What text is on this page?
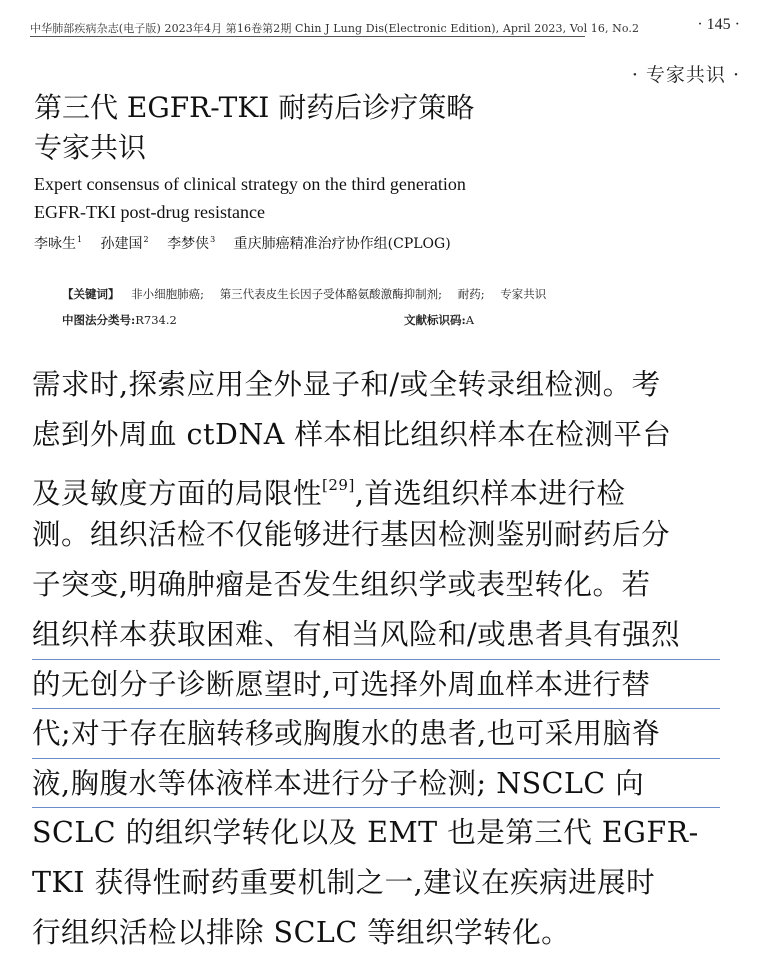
中华肺部疾病杂志(电子版) 2023年4月 第16卷第2期 Chin J Lung Dis(Electronic Edition), April 2023, Vol 16, No.2	· 145 ·
· 专家共识 ·
第三代 EGFR-TKI 耐药后诊疗策略
专家共识
Expert consensus of clinical strategy on the third generation
EGFR-TKI post-drug resistance
李咏生$^1$ 孙建国$^2$ 李梦侠$^3$ 重庆肺癌精准治疗协作组(CPLOG)
【关键词】 非小细胞肺癌; 第三代表皮生长因子受体酪氨酸激酶抑制剂; 耐药; 专家共识
中图法分类号:R734.2	文献标识码:A
需求时,探索应用全外显子和/或全转录组检测。考
虑到外周血 ctDNA 样本相比组织样本在检测平台
及灵敏度方面的局限性[29],首选组织样本进行检
测。组织活检不仅能够进行基因检测鉴别耐药后分
子突变,明确肿瘤是否发生组织学或表型转化。若
组织样本获取困难、有相当风险和/或患者具有强烈
的无创分子诊断愿望时,可选择外周血样本进行替
代;对于存在脑转移或胸腹水的患者,也可采用脑脊
液,胸腹水等体液样本进行分子检测; NSCLC 向
SCLC 的组织学转化以及 EMT 也是第三代 EGFR-
TKI 获得性耐药重要机制之一,建议在疾病进展时
行组织活检以排除 SCLC 等组织学转化。
